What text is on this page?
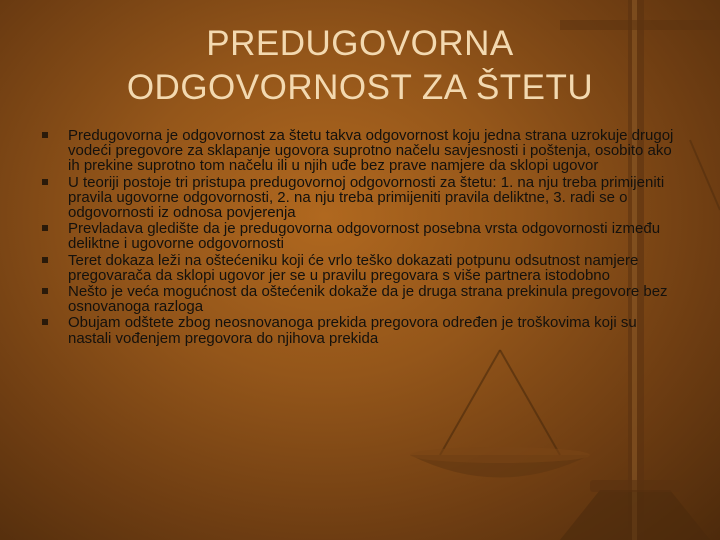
PREDUGOVORNA
ODGOVORNOST ZA ŠTETU
Predugovorna je odgovornost za štetu takva odgovornost koju jedna strana uzrokuje drugoj vodeći pregovore za sklapanje ugovora suprotno načelu savjesnosti i poštenja, osobito ako ih prekine suprotno tom načelu ili u njih uđe bez prave namjere da sklopi ugovor
U teoriji postoje tri pristupa predugovornoj odgovornosti za štetu: 1. na nju treba primijeniti pravila ugovorne odgovornosti, 2. na nju treba primijeniti pravila deliktne, 3. radi se o odgovornosti iz odnosa povjerenja
Prevladava gledište da je predugovorna odgovornost posebna vrsta odgovornosti između deliktne i ugovorne odgovornosti
Teret dokaza leži na oštećeniku koji će vrlo teško dokazati potpunu odsutnost namjere pregovarača da sklopi ugovor jer se u pravilu pregovara s više partnera istodobno
Nešto je veća mogućnost da oštećenik dokaže da je druga strana prekinula pregovore bez osnovanoga razloga
Obujam odštete zbog neosnovanoga prekida pregovora određen je troškovima koji su nastali vođenjem pregovora do njihova prekida
